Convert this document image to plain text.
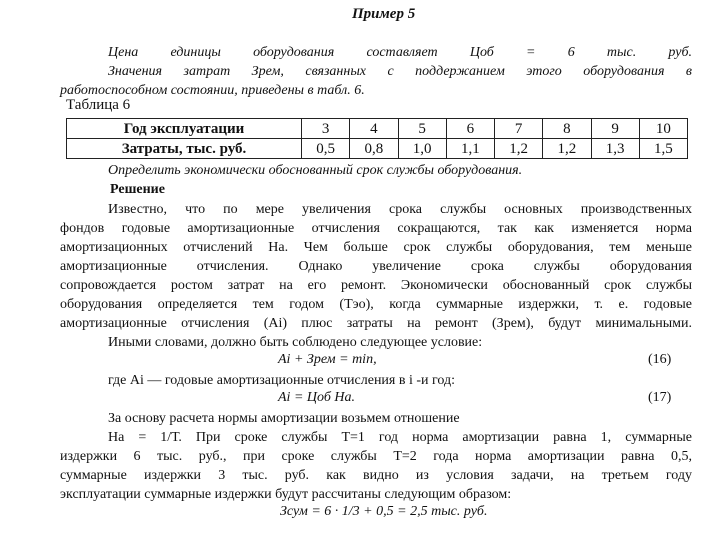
Пример 5
Цена единицы оборудования составляет Цоб = 6 тыс. руб.
Значения затрат Зрем, связанных с поддержанием этого оборудования в
работоспособном состоянии, приведены в табл. 6.
Таблица 6
Год эксплуатации	3	4	5	6	7	8	9	10
Затраты, тыс. руб.	0,5	0,8	1,0	1,1	1,2	1,2	1,3	1,5
Определить экономически обоснованный срок службы оборудования.
Решение
Известно, что по мере увеличения срока службы основных производственных
фондов годовые амортизационные отчисления сокращаются, так как изменяется норма
амортизационных отчислений Нa. Чем больше срок службы оборудования, тем меньше
амортизационные отчисления. Однако увеличение срока службы оборудования
сопровождается ростом затрат на его ремонт. Экономически обоснованный срок службы
оборудования определяется тем годом (Тэо), когда суммарные издержки, т. е. годовые
амортизационные отчисления (Аi) плюс затраты на ремонт (Зрем), будут минимальными.
Иными словами, должно быть соблюдено следующее условие:
Аi + Зрем = min,	(16)
где Аi — годовые амортизационные отчисления в i -и год:
Аi = Цоб Нa.	(17)
За основу расчета нормы амортизации возьмем отношение
Нa = 1/Т. При сроке службы Т=1 год норма амортизации равна 1, суммарные
издержки 6 тыс. руб., при сроке службы Т=2 года норма амортизации равна 0,5,
суммарные издержки 3 тыс. руб. как видно из условия задачи, на третьем году
эксплуатации суммарные издержки будут рассчитаны следующим образом:
Зсум = 6 · 1/3 + 0,5 = 2,5 тыс. руб.
